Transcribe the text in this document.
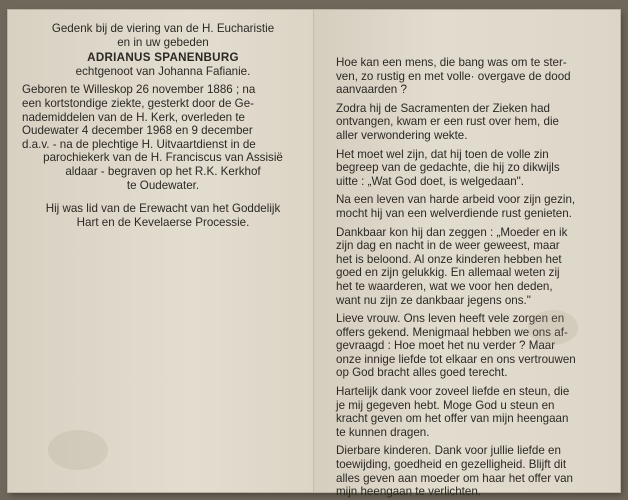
Gedenk bij de viering van de H. Eucharistie
en in uw gebeden
ADRIANUS SPANENBURG
echtgenoot van Johanna Fafianie.
Geboren te Willeskop 26 november 1886 ; na
een kortstondige ziekte, gesterkt door de Ge-
nademiddelen van de H. Kerk, overleden te
Oudewater 4 december 1968 en 9 december
d.a.v. - na de plechtige H. Uitvaartdienst in de
parochiekerk van de H. Franciscus van Assisië
aldaar - begraven op het R.K. Kerkhof
te Oudewater.
Hij was lid van de Erewacht van het Goddelijk
Hart en de Kevelaerse Processie.

Hoe kan een mens, die bang was om te ster-
ven, zo rustig en met volle· overgave de dood
aanvaarden ?

Zodra hij de Sacramenten der Zieken had
ontvangen, kwam er een rust over hem, die
aller verwondering wekte.

Het moet wel zijn, dat hij toen de volle zin
begreep van de gedachte, die hij zo dikwijls
uitte : „Wat God doet, is welgedaan".

Na een leven van harde arbeid voor zijn gezin,
mocht hij van een welverdiende rust genieten.

Dankbaar kon hij dan zeggen : „Moeder en ik
zijn dag en nacht in de weer geweest, maar
het is beloond. Al onze kinderen hebben het
goed en zijn gelukkig. En allemaal weten zij
het te waarderen, wat we voor hen deden,
want nu zijn ze dankbaar jegens ons."

Lieve vrouw. Ons leven heeft vele zorgen en
offers gekend. Menigmaal hebben we ons af-
gevraagd : Hoe moet het nu verder ? Maar
onze innige liefde tot elkaar en ons vertrouwen
op God bracht alles goed terecht.

Hartelijk dank voor zoveel liefde en steun, die
je mij gegeven hebt. Moge God u steun en
kracht geven om het offer van mijn heengaan
te kunnen dragen.

Dierbare kinderen. Dank voor jullie liefde en
toewijding, goedheid en gezelligheid. Blijft dit
alles geven aan moeder om haar het offer van
mijn heengaan te verlichten.
